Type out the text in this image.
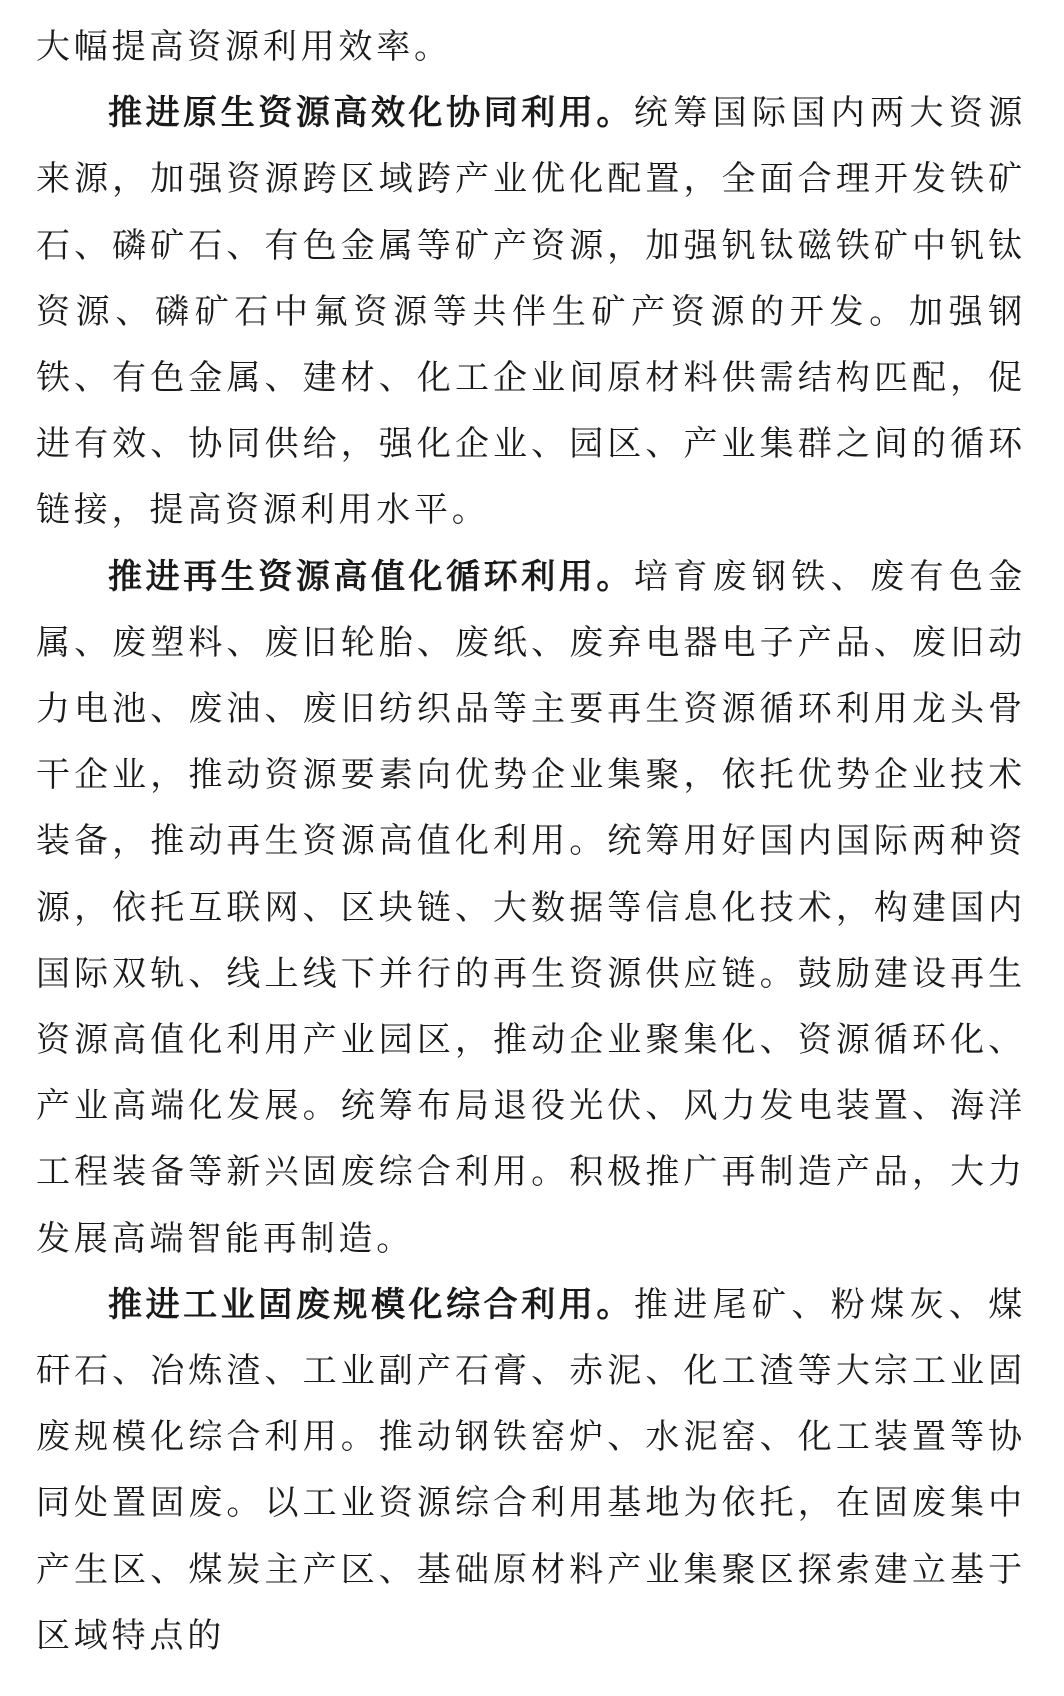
大幅提高资源利用效率。

推进原生资源高效化协同利用。统筹国际国内两大资源来源，加强资源跨区域跨产业优化配置，全面合理开发铁矿石、磷矿石、有色金属等矿产资源，加强钒钛磁铁矿中钒钛资源、磷矿石中氟资源等共伴生矿产资源的开发。加强钢铁、有色金属、建材、化工企业间原材料供需结构匹配，促进有效、协同供给，强化企业、园区、产业集群之间的循环链接，提高资源利用水平。

推进再生资源高值化循环利用。培育废钢铁、废有色金属、废塑料、废旧轮胎、废纸、废弃电器电子产品、废旧动力电池、废油、废旧纺织品等主要再生资源循环利用龙头骨干企业，推动资源要素向优势企业集聚，依托优势企业技术装备，推动再生资源高值化利用。统筹用好国内国际两种资源，依托互联网、区块链、大数据等信息化技术，构建国内国际双轨、线上线下并行的再生资源供应链。鼓励建设再生资源高值化利用产业园区，推动企业聚集化、资源循环化、产业高端化发展。统筹布局退役光伏、风力发电装置、海洋工程装备等新兴固废综合利用。积极推广再制造产品，大力发展高端智能再制造。

推进工业固废规模化综合利用。推进尾矿、粉煤灰、煤矸石、冶炼渣、工业副产石膏、赤泥、化工渣等大宗工业固废规模化综合利用。推动钢铁窑炉、水泥窑、化工装置等协同处置固废。以工业资源综合利用基地为依托，在固废集中产生区、煤炭主产区、基础原材料产业集聚区探索建立基于区域特点的
